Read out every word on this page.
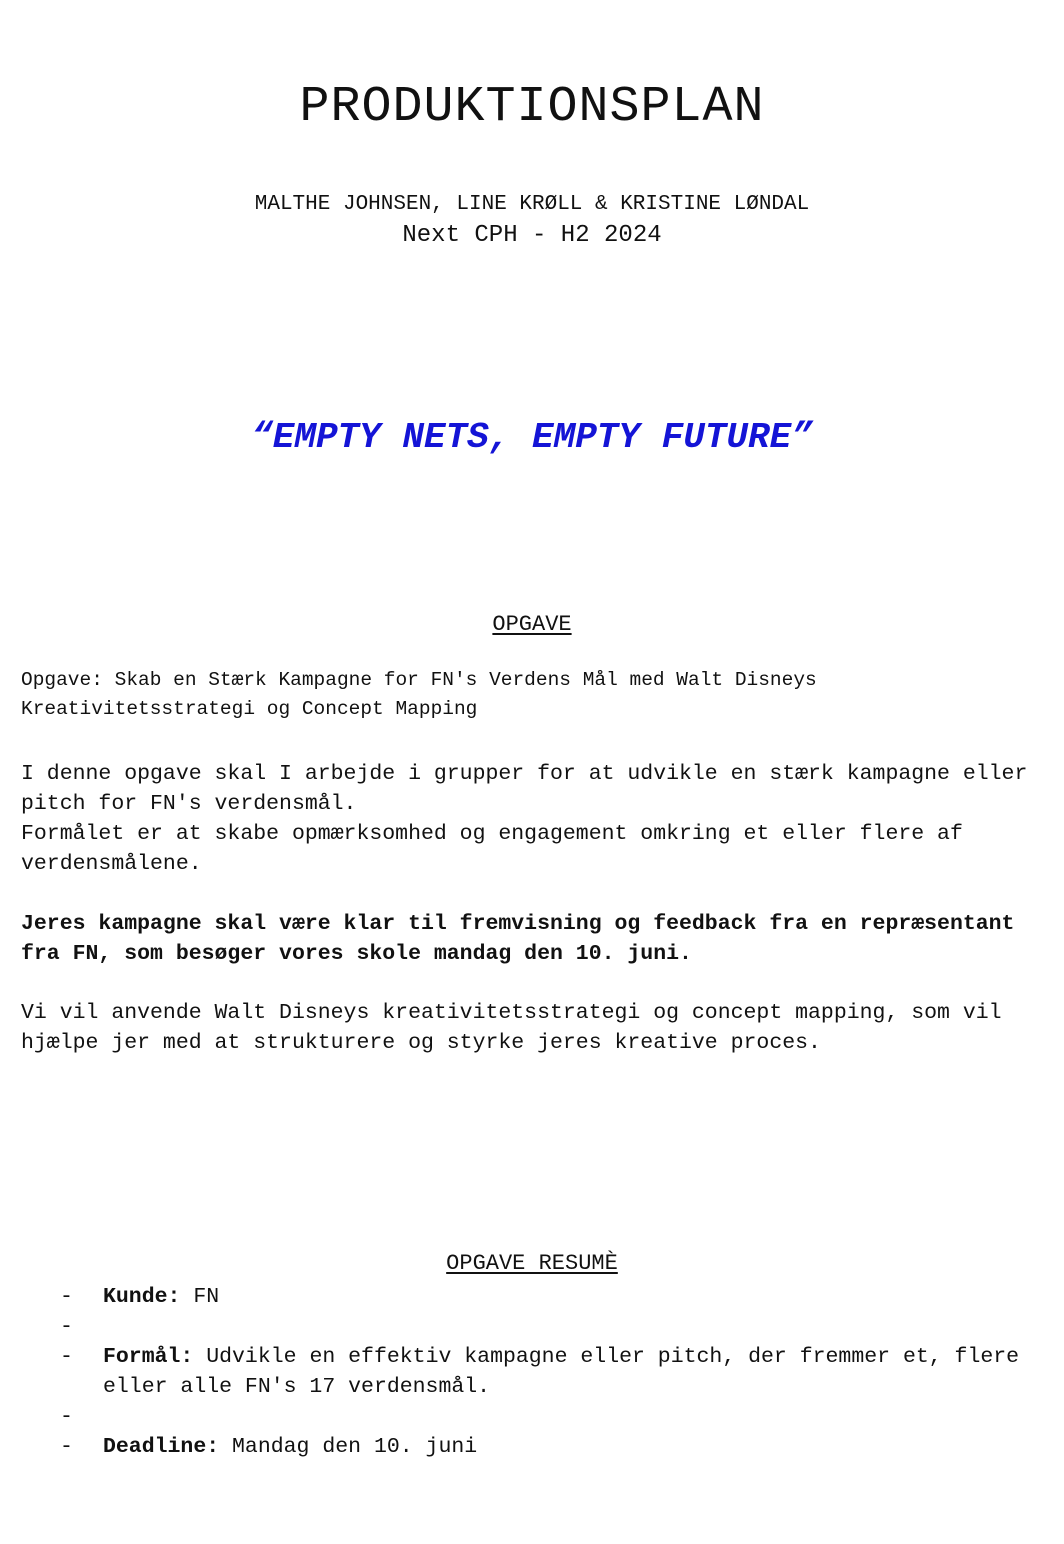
PRODUKTIONSPLAN
MALTHE JOHNSEN, LINE KRØLL & KRISTINE LØNDAL
Next CPH - H2 2024
“EMPTY NETS, EMPTY FUTURE”
OPGAVE

Opgave: Skab en Stærk Kampagne for FN's Verdens Mål med Walt Disneys Kreativitetsstrategi og Concept Mapping

I denne opgave skal I arbejde i grupper for at udvikle en stærk kampagne eller pitch for FN's verdensmål.
Formålet er at skabe opmærksomhed og engagement omkring et eller flere af verdensmålene.

Jeres kampagne skal være klar til fremvisning og feedback fra en repræsentant fra FN, som besøger vores skole mandag den 10. juni.

Vi vil anvende Walt Disneys kreativitetsstrategi og concept mapping, som vil hjælpe jer med at strukturere og styrke jeres kreative proces.

OPGAVE RESUMÈ
- Kunde: FN
-
- Formål: Udvikle en effektiv kampagne eller pitch, der fremmer et, flere eller alle FN's 17 verdensmål.
-
- Deadline: Mandag den 10. juni
